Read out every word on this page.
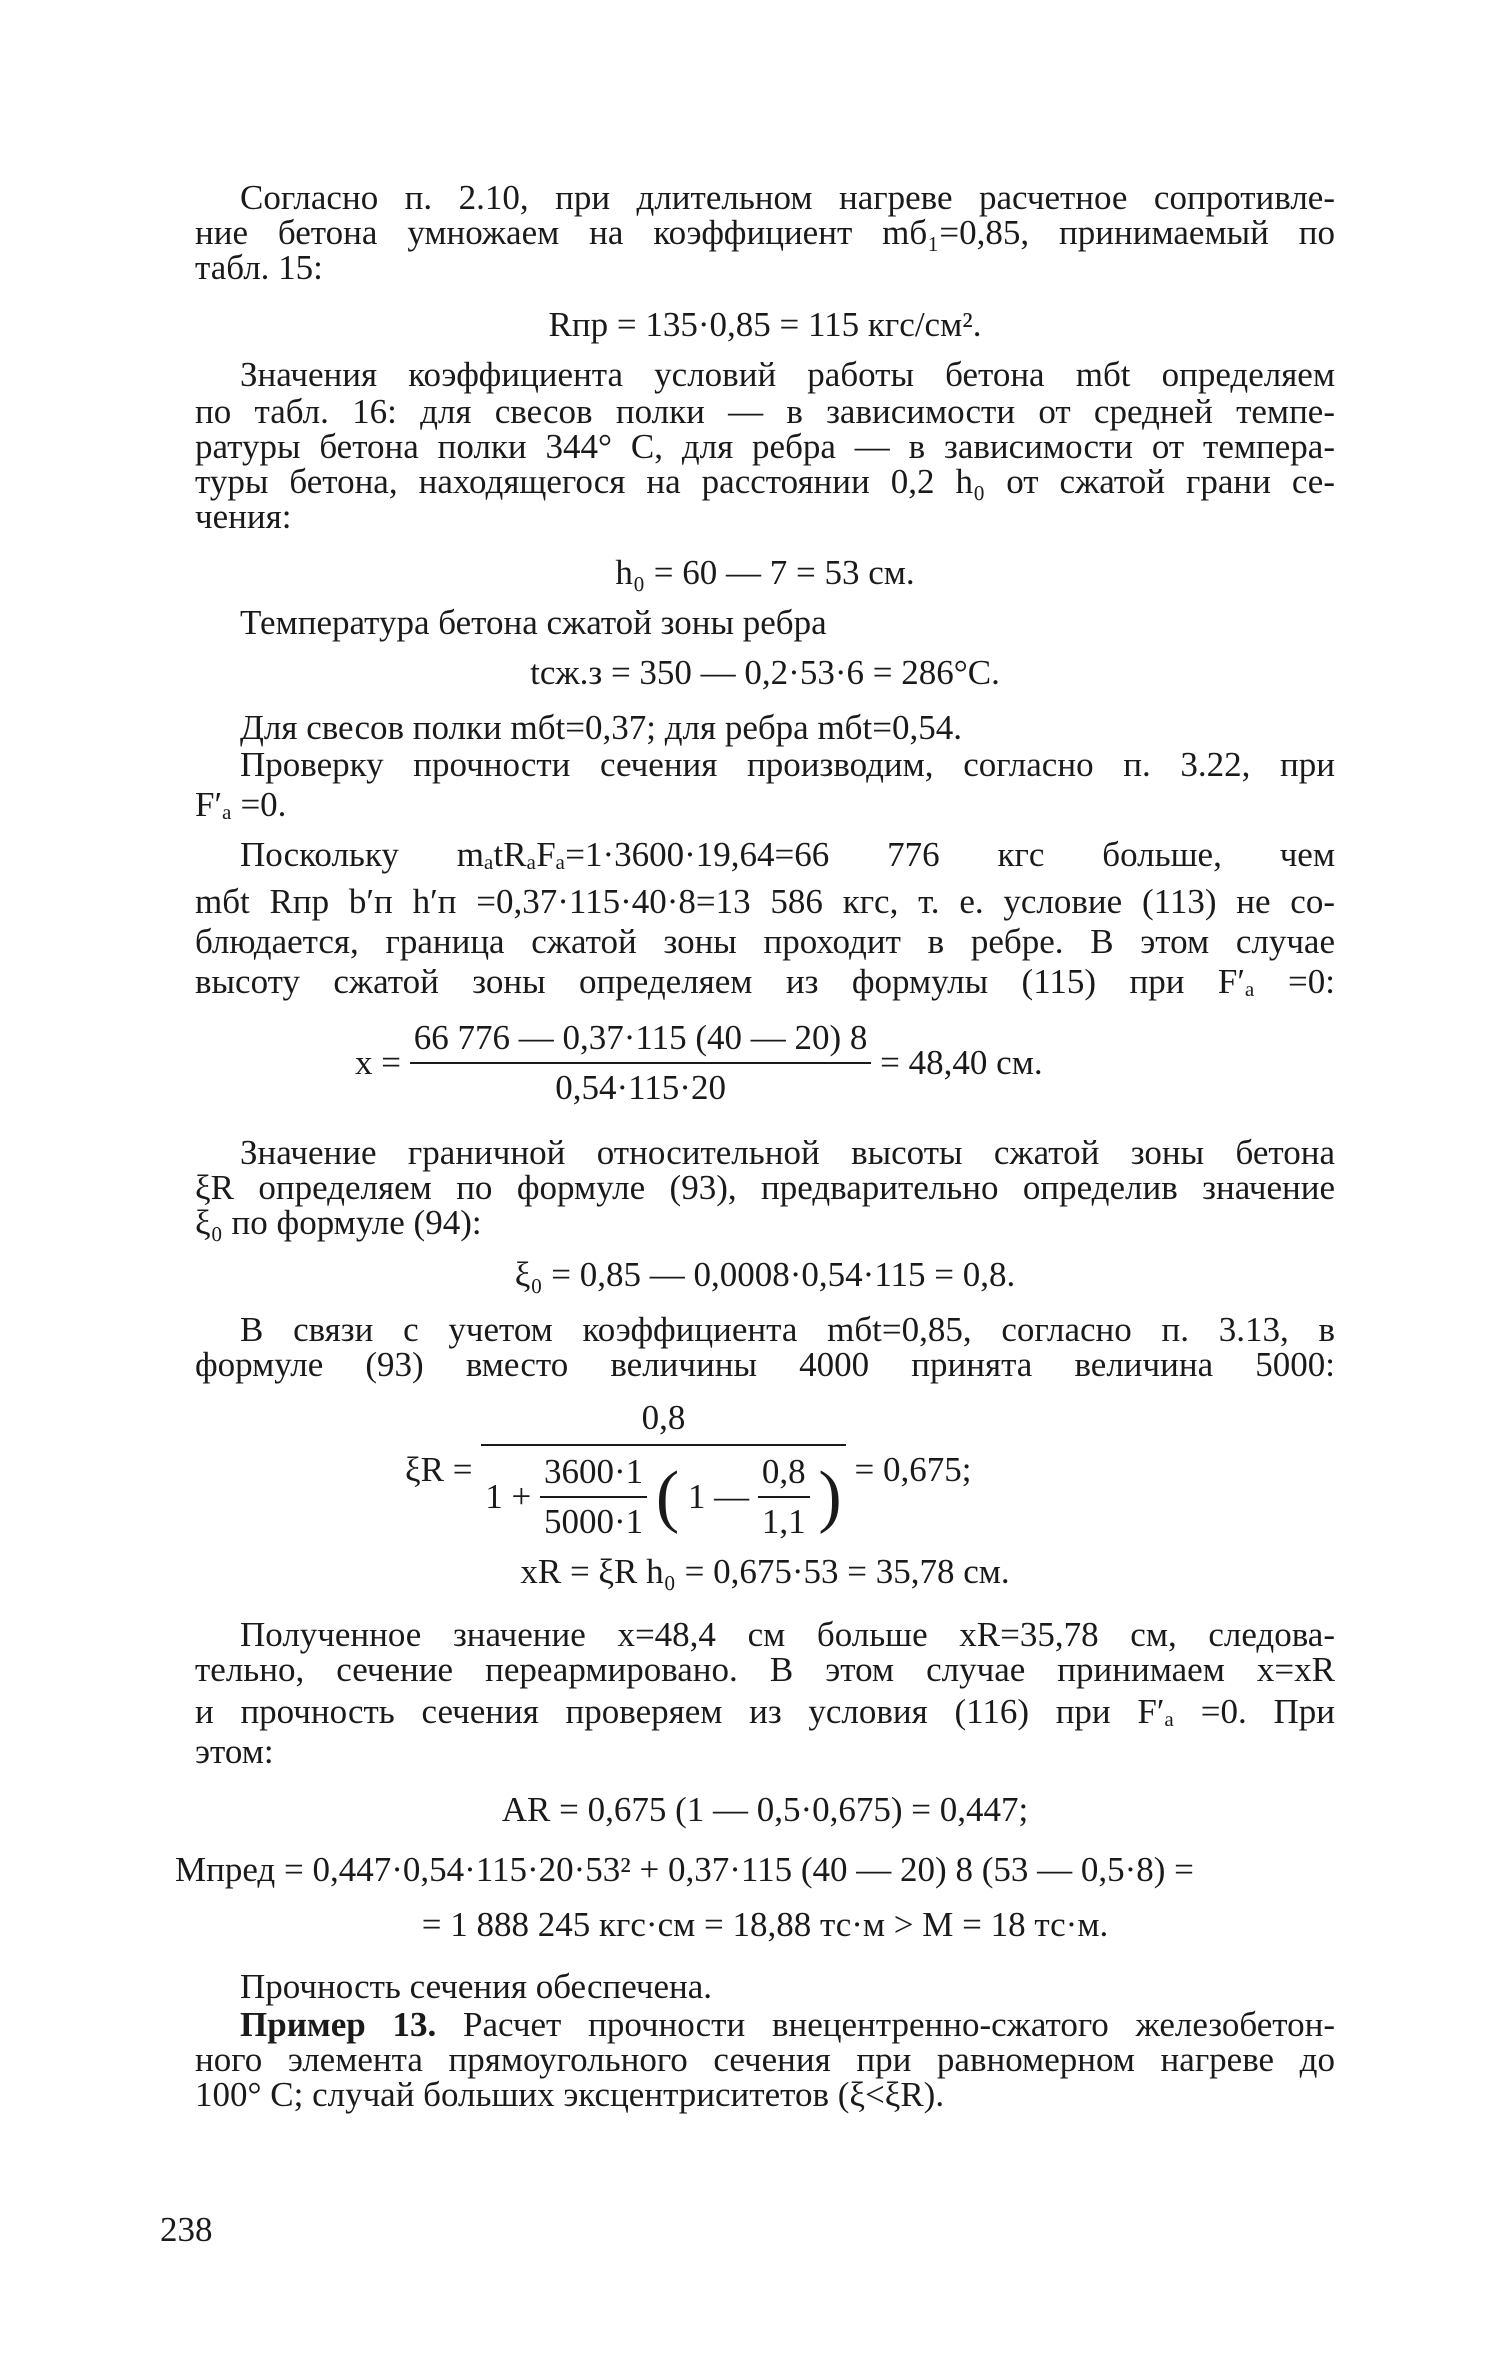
Согласно п. 2.10, при длительном нагреве расчетное сопротивле-
ние бетона умножаем на коэффициент mб₁=0,85, принимаемый по
табл. 15:
Rпр = 135·0,85 = 115 кгс/см².
Значения коэффициента условий работы бетона mбt определяем
по табл. 16: для свесов полки — в зависимости от средней темпе-
ратуры бетона полки 344° С, для ребра — в зависимости от темпера-
туры бетона, находящегося на расстоянии 0,2 h₀ от сжатой грани се-
чения:
h₀ = 60 — 7 = 53 см.
Температура бетона сжатой зоны ребра
tсж.з = 350 — 0,2·53·6 = 286°С.
Для свесов полки mбt=0,37; для ребра mбt=0,54.
Проверку прочности сечения производим, согласно п. 3.22, при
F′ₐ =0.
Поскольку mₐtRₐFₐ=1·3600·19,64=66 776 кгс больше, чем
mбt Rпр b′п h′п =0,37·115·40·8=13 586 кгс, т. е. условие (113) не со-
блюдается, граница сжатой зоны проходит в ребре. В этом случае
высоту сжатой зоны определяем из формулы (115) при F′ₐ =0:
$x = \frac{66 776 — 0,37\cdot 115 (40 — 20) 8}{0,54\cdot 115\cdot 20} = 48,40$ см.
Значение граничной относительной высоты сжатой зоны бетона
ξR определяем по формуле (93), предварительно определив значение
ξ₀ по формуле (94):
ξ₀ = 0,85 — 0,0008·0,54·115 = 0,8.
В связи с учетом коэффициента mбt=0,85, согласно п. 3.13, в
формуле (93) вместо величины 4000 принята величина 5000:
ξR =
0,8
$1 + \frac{3600\cdot 1}{5000\cdot 1}$ ( 1 — $\frac{0,8}{1,1}$ ) = 0,675;
xR = ξR h₀ = 0,675·53 = 35,78 см.
Полученное значение x=48,4 см больше xR=35,78 см, следова-
тельно, сечение переармировано. В этом случае принимаем x=xR
и прочность сечения проверяем из условия (116) при F′ₐ =0. При
этом:
AR = 0,675 (1 — 0,5·0,675) = 0,447;
Mпред = 0,447·0,54·115·20·53² + 0,37·115 (40 — 20) 8 (53 — 0,5·8) =
= 1 888 245 кгс·см = 18,88 тс·м > M = 18 тс·м.
Прочность сечения обеспечена.
Пример 13. Расчет прочности внецентренно-сжатого железобетон-
ного элемента прямоугольного сечения при равномерном нагреве до
100° С; случай больших эксцентриситетов (ξ<ξR).
238
